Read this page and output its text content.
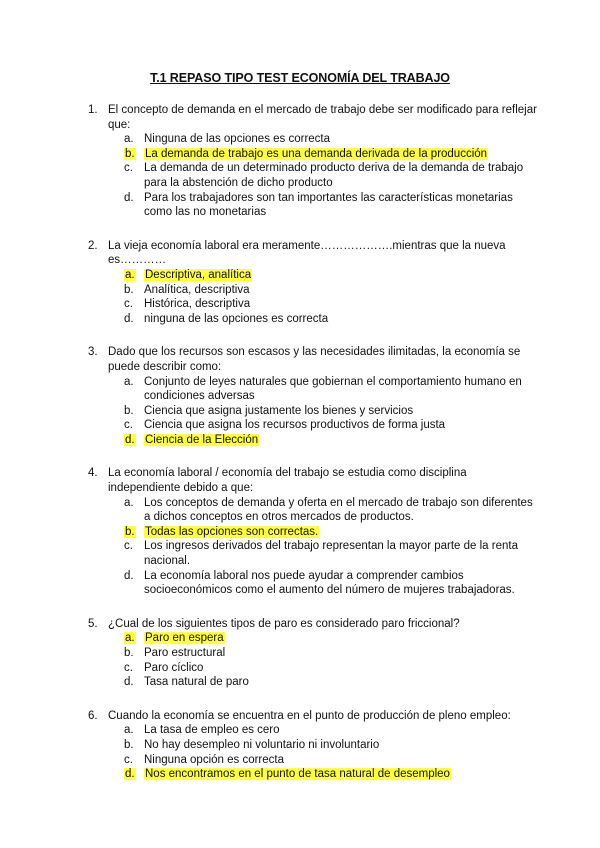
T.1 REPASO TIPO TEST ECONOMÍA DEL TRABAJO
1. El concepto de demanda en el mercado de trabajo debe ser modificado para reflejar que:
a. Ninguna de las opciones es correcta
b. La demanda de trabajo es una demanda derivada de la producción
c. La demanda de un determinado producto deriva de la demanda de trabajo para la abstención de dicho producto
d. Para los trabajadores son tan importantes las características monetarias como las no monetarias
2. La vieja economía laboral era meramente……………….mientras que la nueva es…………
a. Descriptiva, analítica
b. Analítica, descriptiva
c. Histórica, descriptiva
d. ninguna de las opciones es correcta
3. Dado que los recursos son escasos y las necesidades ilimitadas, la economía se puede describir como:
a. Conjunto de leyes naturales que gobiernan el comportamiento humano en condiciones adversas
b. Ciencia que asigna justamente los bienes y servicios
c. Ciencia que asigna los recursos productivos de forma justa
d. Ciencia de la Elección
4. La economía laboral / economía del trabajo se estudia como disciplina independiente debido a que:
a. Los conceptos de demanda y oferta en el mercado de trabajo son diferentes a dichos conceptos en otros mercados de productos.
b. Todas las opciones son correctas.
c. Los ingresos derivados del trabajo representan la mayor parte de la renta nacional.
d. La economía laboral nos puede ayudar a comprender cambios socioeconómicos como el aumento del número de mujeres trabajadoras.
5. ¿Cual de los siguientes tipos de paro es considerado paro friccional?
a. Paro en espera
b. Paro estructural
c. Paro cíclico
d. Tasa natural de paro
6. Cuando la economía se encuentra en el punto de producción de pleno empleo:
a. La tasa de empleo es cero
b. No hay desempleo ni voluntario ni involuntario
c. Ninguna opción es correcta
d. Nos encontramos en el punto de tasa natural de desempleo
